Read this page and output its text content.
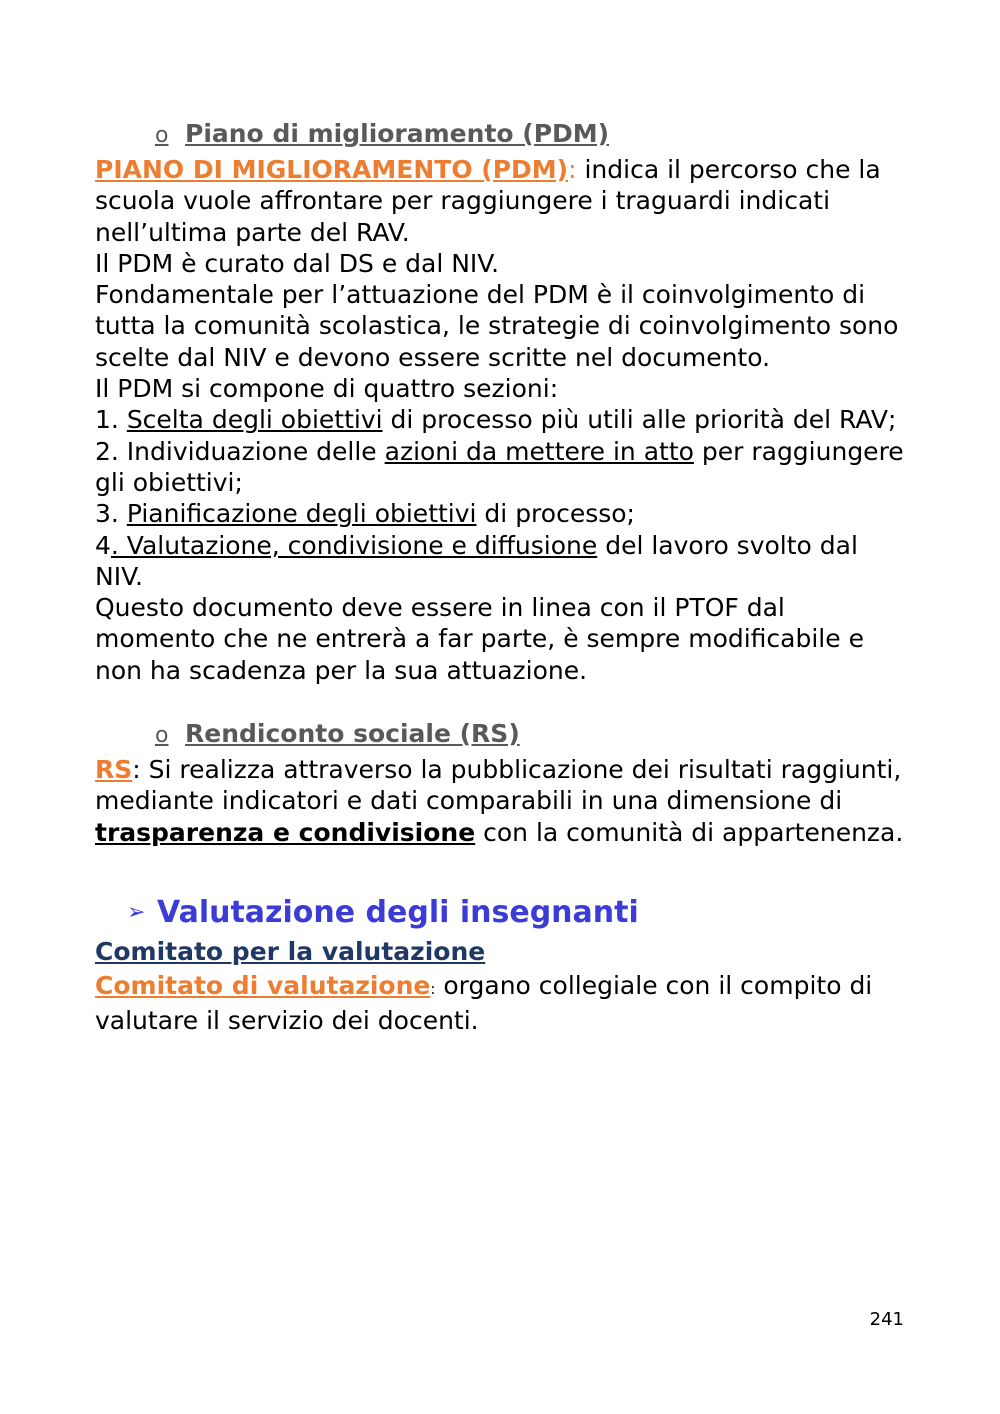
o Piano di miglioramento (PDM)

PIANO DI MIGLIORAMENTO (PDM): indica il percorso che la scuola vuole affrontare per raggiungere i traguardi indicati nell’ultima parte del RAV.

Il PDM è curato dal DS e dal NIV.

Fondamentale per l’attuazione del PDM è il coinvolgimento di tutta la comunità scolastica, le strategie di coinvolgimento sono scelte dal NIV e devono essere scritte nel documento.

Il PDM si compone di quattro sezioni:

1. Scelta degli obiettivi di processo più utili alle priorità del RAV;

2. Individuazione delle azioni da mettere in atto per raggiungere gli obiettivi;

3. Pianificazione degli obiettivi di processo;

4. Valutazione, condivisione e diffusione del lavoro svolto dal NIV.

Questo documento deve essere in linea con il PTOF dal momento che ne entrerà a far parte, è sempre modificabile e non ha scadenza per la sua attuazione.

o Rendiconto sociale (RS)

RS: Si realizza attraverso la pubblicazione dei risultati raggiunti, mediante indicatori e dati comparabili in una dimensione di trasparenza e condivisione con la comunità di appartenenza.

➢ Valutazione degli insegnanti
Comitato per la valutazione

Comitato di valutazione: organo collegiale con il compito di valutare il servizio dei docenti.

241
